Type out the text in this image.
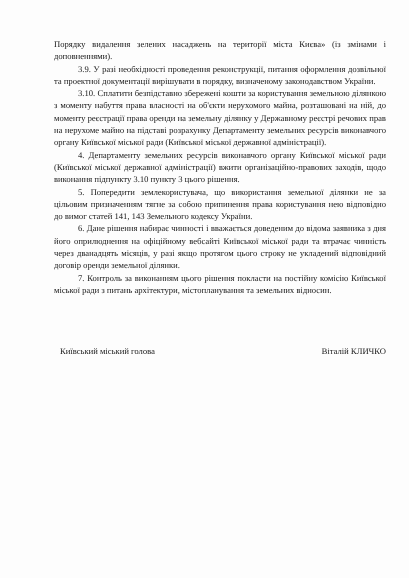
Порядку видалення зелених насаджень на території міста Києва» (із змінами і доповненнями).

3.9. У разі необхідності проведення реконструкції, питання оформлення дозвільної та проектної документації вирішувати в порядку, визначеному законодавством України.

3.10. Сплатити безпідставно збережені кошти за користування земельною ділянкою з моменту набуття права власності на об'єкти нерухомого майна, розташовані на ній, до моменту реєстрації права оренди на земельну ділянку у Державному реєстрі речових прав на нерухоме майно на підставі розрахунку Департаменту земельних ресурсів виконавчого органу Київської міської ради (Київської міської державної адміністрації).

4. Департаменту земельних ресурсів виконавчого органу Київської міської ради (Київської міської державної адміністрації) вжити організаційно-правових заходів, щодо виконання підпункту 3.10 пункту 3 цього рішення.

5. Попередити землекористувача, що використання земельної ділянки не за цільовим призначенням тягне за собою припинення права користування нею відповідно до вимог статей 141, 143 Земельного кодексу України.

6. Дане рішення набирає чинності і вважається доведеним до відома заявника з дня його оприлюднення на офіційному вебсайті Київської міської ради та втрачає чинність через дванадцять місяців, у разі якщо протягом цього строку не укладений відповідний договір оренди земельної ділянки.

7. Контроль за виконанням цього рішення покласти на постійну комісію Київської міської ради з питань архітектури, містопланування та земельних відносин.

Київський міський голова	Віталій КЛИЧКО
